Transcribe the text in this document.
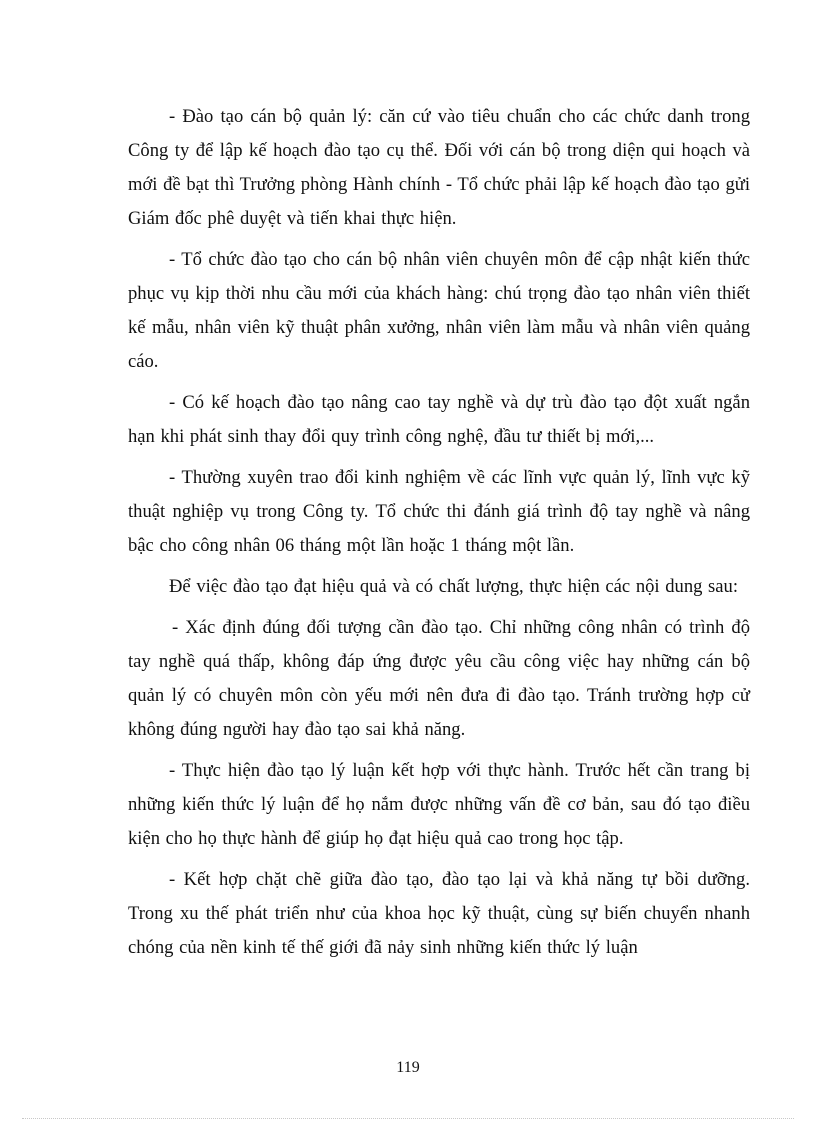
- Đào tạo cán bộ quản lý: căn cứ vào tiêu chuẩn cho các chức danh trong Công ty để lập kế hoạch đào tạo cụ thể. Đối với cán bộ trong diện qui hoạch và mới đề bạt thì Trưởng phòng Hành chính - Tổ chức phải lập kế hoạch đào tạo gửi Giám đốc phê duyệt và tiến khai thực hiện.

- Tổ chức đào tạo cho cán bộ nhân viên chuyên môn để cập nhật kiến thức phục vụ kịp thời nhu cầu mới của khách hàng: chú trọng đào tạo nhân viên thiết kế mẫu, nhân viên kỹ thuật phân xưởng, nhân viên làm mẫu và nhân viên quảng cáo.

- Có kế hoạch đào tạo nâng cao tay nghề và dự trù đào tạo đột xuất ngắn hạn khi phát sinh thay đổi quy trình công nghệ, đầu tư thiết bị mới,...

- Thường xuyên trao đổi kinh nghiệm về các lĩnh vực quản lý, lĩnh vực kỹ thuật nghiệp vụ trong Công ty. Tổ chức thi đánh giá trình độ tay nghề và nâng bậc cho công nhân 06 tháng một lần hoặc 1 tháng một lần.

Để việc đào tạo đạt hiệu quả và có chất lượng, thực hiện các nội dung sau:

- Xác định đúng đối tượng cần đào tạo. Chỉ những công nhân có trình độ tay nghề quá thấp, không đáp ứng được yêu cầu công việc hay những cán bộ quản lý có chuyên môn còn yếu mới nên đưa đi đào tạo. Tránh trường hợp cử không đúng người hay đào tạo sai khả năng.

- Thực hiện đào tạo lý luận kết hợp với thực hành. Trước hết cần trang bị những kiến thức lý luận để họ nắm được những vấn đề cơ bản, sau đó tạo điều kiện cho họ thực hành để giúp họ đạt hiệu quả cao trong học tập.

- Kết hợp chặt chẽ giữa đào tạo, đào tạo lại và khả năng tự bồi dưỡng. Trong xu thế phát triển như của khoa học kỹ thuật, cùng sự biến chuyển nhanh chóng của nền kinh tế thế giới đã nảy sinh những kiến thức lý luận

119
